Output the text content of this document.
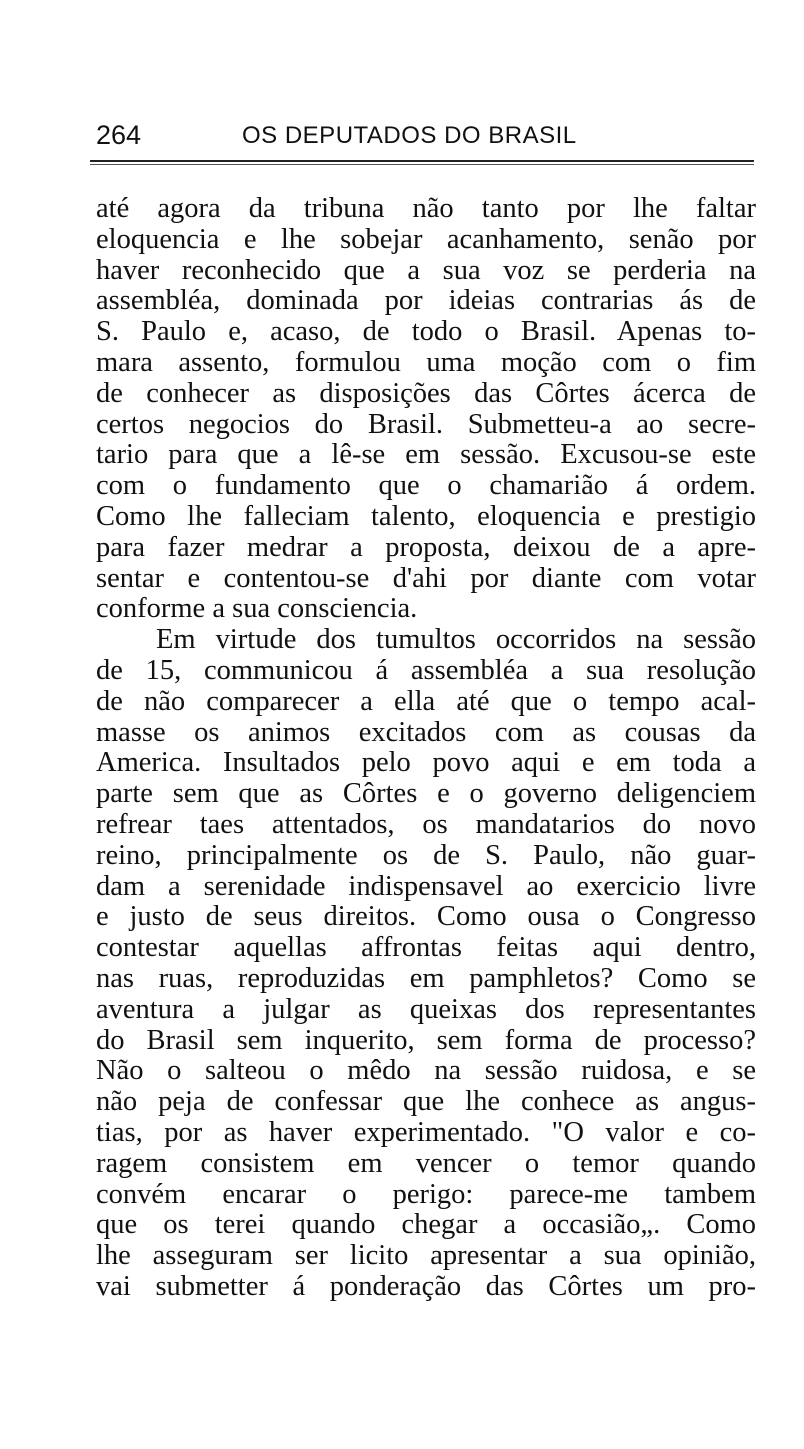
264	OS DEPUTADOS DO BRASIL
até agora da tribuna não tanto por lhe faltar
eloquencia e lhe sobejar acanhamento, senão por
haver reconhecido que a sua voz se perderia na
assembléa, dominada por ideias contrarias ás de
S. Paulo e, acaso, de todo o Brasil. Apenas to-
mara assento, formulou uma moção com o fim
de conhecer as disposições das Côrtes ácerca de
certos negocios do Brasil. Submetteu-a ao secre-
tario para que a lê-se em sessão. Excusou-se este
com o fundamento que o chamarião á ordem.
Como lhe falleciam talento, eloquencia e prestigio
para fazer medrar a proposta, deixou de a apre-
sentar e contentou-se d'ahi por diante com votar
conforme a sua consciencia.
Em virtude dos tumultos occorridos na sessão
de 15, communicou á assembléa a sua resolução
de não comparecer a ella até que o tempo acal-
masse os animos excitados com as cousas da
America. Insultados pelo povo aqui e em toda a
parte sem que as Côrtes e o governo deligenciem
refrear taes attentados, os mandatarios do novo
reino, principalmente os de S. Paulo, não guar-
dam a serenidade indispensavel ao exercicio livre
e justo de seus direitos. Como ousa o Congresso
contestar aquellas affrontas feitas aqui dentro,
nas ruas, reproduzidas em pamphletos? Como se
aventura a julgar as queixas dos representantes
do Brasil sem inquerito, sem forma de processo?
Não o salteou o mêdo na sessão ruidosa, e se
não peja de confessar que lhe conhece as angus-
tias, por as haver experimentado. "O valor e co-
ragem consistem em vencer o temor quando
convém encarar o perigo: parece-me tambem
que os terei quando chegar a occasião„. Como
lhe asseguram ser licito apresentar a sua opinião,
vai submetter á ponderação das Côrtes um pro-
